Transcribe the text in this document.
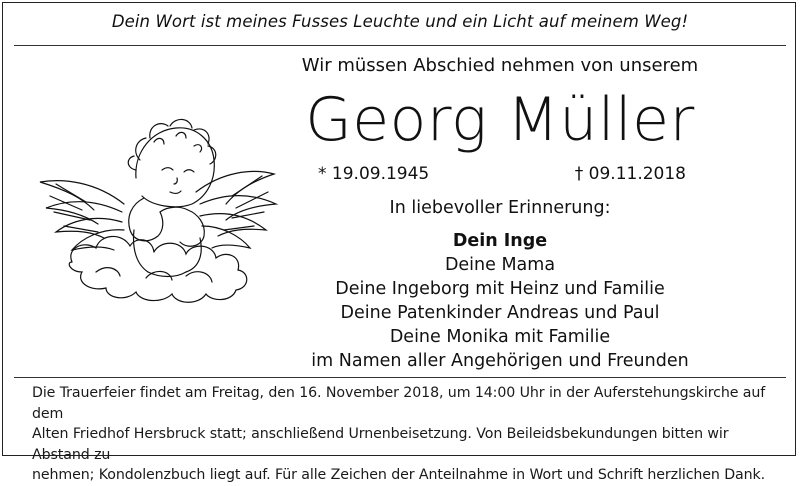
Dein Wort ist meines Fusses Leuchte und ein Licht auf meinem Weg!
Wir müssen Abschied nehmen von unserem
Georg Müller
* 19.09.1945	† 09.11.2018
In liebevoller Erinnerung:
Dein Inge
Deine Mama
Deine Ingeborg mit Heinz und Familie
Deine Patenkinder Andreas und Paul
Deine Monika mit Familie
im Namen aller Angehörigen und Freunden
Die Trauerfeier findet am Freitag, den 16. November 2018, um 14:00 Uhr in der Auferstehungskirche auf dem
Alten Friedhof Hersbruck statt; anschließend Urnenbeisetzung. Von Beileidsbekundungen bitten wir Abstand zu
nehmen; Kondolenzbuch liegt auf. Für alle Zeichen der Anteilnahme in Wort und Schrift herzlichen Dank.
